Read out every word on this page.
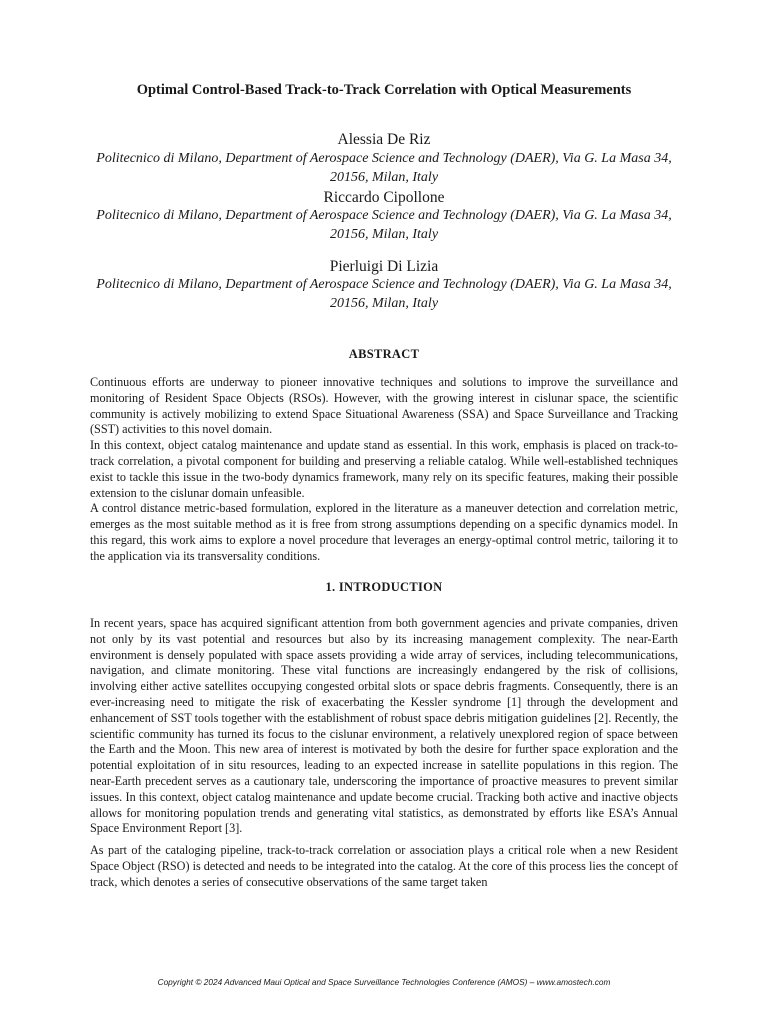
Optimal Control-Based Track-to-Track Correlation with Optical Measurements
Alessia De Riz
Politecnico di Milano, Department of Aerospace Science and Technology (DAER), Via G. La Masa 34, 20156, Milan, Italy
Riccardo Cipollone
Politecnico di Milano, Department of Aerospace Science and Technology (DAER), Via G. La Masa 34, 20156, Milan, Italy
Pierluigi Di Lizia
Politecnico di Milano, Department of Aerospace Science and Technology (DAER), Via G. La Masa 34, 20156, Milan, Italy
ABSTRACT

Continuous efforts are underway to pioneer innovative techniques and solutions to improve the surveillance and monitoring of Resident Space Objects (RSOs). However, with the growing interest in cislunar space, the scientific community is actively mobilizing to extend Space Situational Awareness (SSA) and Space Surveillance and Tracking (SST) activities to this novel domain.

In this context, object catalog maintenance and update stand as essential. In this work, emphasis is placed on track-to-track correlation, a pivotal component for building and preserving a reliable catalog. While well-established techniques exist to tackle this issue in the two-body dynamics framework, many rely on its specific features, making their possible extension to the cislunar domain unfeasible.

A control distance metric-based formulation, explored in the literature as a maneuver detection and correlation metric, emerges as the most suitable method as it is free from strong assumptions depending on a specific dynamics model. In this regard, this work aims to explore a novel procedure that leverages an energy-optimal control metric, tailoring it to the application via its transversality conditions.

1. INTRODUCTION

In recent years, space has acquired significant attention from both government agencies and private companies, driven not only by its vast potential and resources but also by its increasing management complexity. The near-Earth environment is densely populated with space assets providing a wide array of services, including telecommunications, navigation, and climate monitoring. These vital functions are increasingly endangered by the risk of collisions, involving either active satellites occupying congested orbital slots or space debris fragments. Consequently, there is an ever-increasing need to mitigate the risk of exacerbating the Kessler syndrome [1] through the development and enhancement of SST tools together with the establishment of robust space debris mitigation guidelines [2]. Recently, the scientific community has turned its focus to the cislunar environment, a relatively unexplored region of space between the Earth and the Moon. This new area of interest is motivated by both the desire for further space exploration and the potential exploitation of in situ resources, leading to an expected increase in satellite populations in this region. The near-Earth precedent serves as a cautionary tale, underscoring the importance of proactive measures to prevent similar issues. In this context, object catalog maintenance and update become crucial. Tracking both active and inactive objects allows for monitoring population trends and generating vital statistics, as demonstrated by efforts like ESA’s Annual Space Environment Report [3].

As part of the cataloging pipeline, track-to-track correlation or association plays a critical role when a new Resident Space Object (RSO) is detected and needs to be integrated into the catalog. At the core of this process lies the concept of track, which denotes a series of consecutive observations of the same target taken

Copyright © 2024 Advanced Maui Optical and Space Surveillance Technologies Conference (AMOS) – www.amostech.com
